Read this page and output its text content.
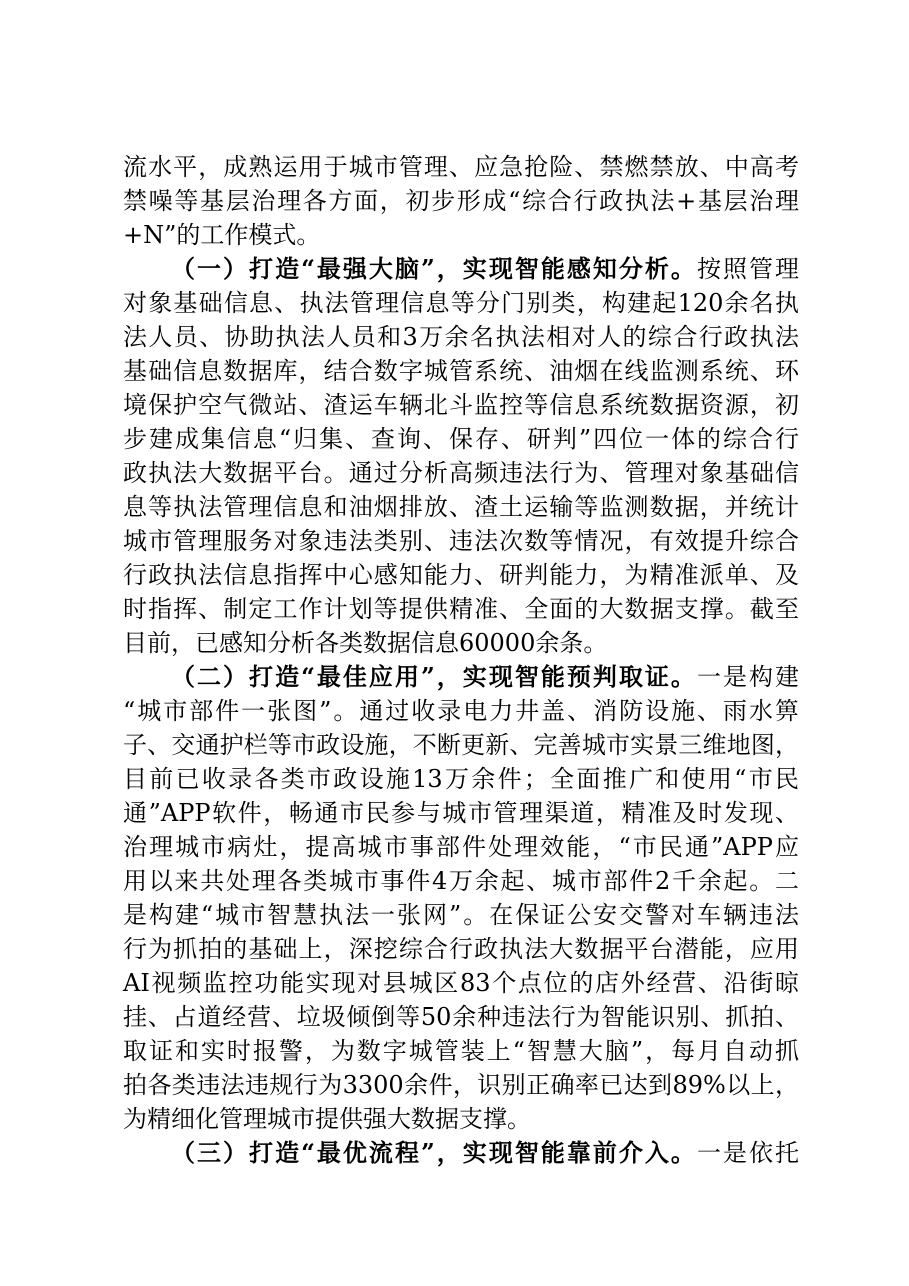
流水平，成熟运用于城市管理、应急抢险、禁燃禁放、中高考
禁噪等基层治理各方面，初步形成“综合行政执法+基层治理
+N”的工作模式。
（一）打造“最强大脑”，实现智能感知分析。按照管理
对象基础信息、执法管理信息等分门别类，构建起120余名执
法人员、协助执法人员和3万余名执法相对人的综合行政执法
基础信息数据库，结合数字城管系统、油烟在线监测系统、环
境保护空气微站、渣运车辆北斗监控等信息系统数据资源，初
步建成集信息“归集、查询、保存、研判”四位一体的综合行
政执法大数据平台。通过分析高频违法行为、管理对象基础信
息等执法管理信息和油烟排放、渣土运输等监测数据，并统计
城市管理服务对象违法类别、违法次数等情况，有效提升综合
行政执法信息指挥中心感知能力、研判能力，为精准派单、及
时指挥、制定工作计划等提供精准、全面的大数据支撑。截至
目前，已感知分析各类数据信息60000余条。
（二）打造“最佳应用”，实现智能预判取证。一是构建
“城市部件一张图”。通过收录电力井盖、消防设施、雨水箅
子、交通护栏等市政设施，不断更新、完善城市实景三维地图，
目前已收录各类市政设施13万余件；全面推广和使用“市民
通”APP软件，畅通市民参与城市管理渠道，精准及时发现、
治理城市病灶，提高城市事部件处理效能，“市民通”APP应
用以来共处理各类城市事件4万余起、城市部件2千余起。二
是构建“城市智慧执法一张网”。在保证公安交警对车辆违法
行为抓拍的基础上，深挖综合行政执法大数据平台潜能，应用
AI视频监控功能实现对县城区83个点位的店外经营、沿街晾
挂、占道经营、垃圾倾倒等50余种违法行为智能识别、抓拍、
取证和实时报警，为数字城管装上“智慧大脑”，每月自动抓
拍各类违法违规行为3300余件，识别正确率已达到89%以上，
为精细化管理城市提供强大数据支撑。
（三）打造“最优流程”，实现智能靠前介入。一是依托
